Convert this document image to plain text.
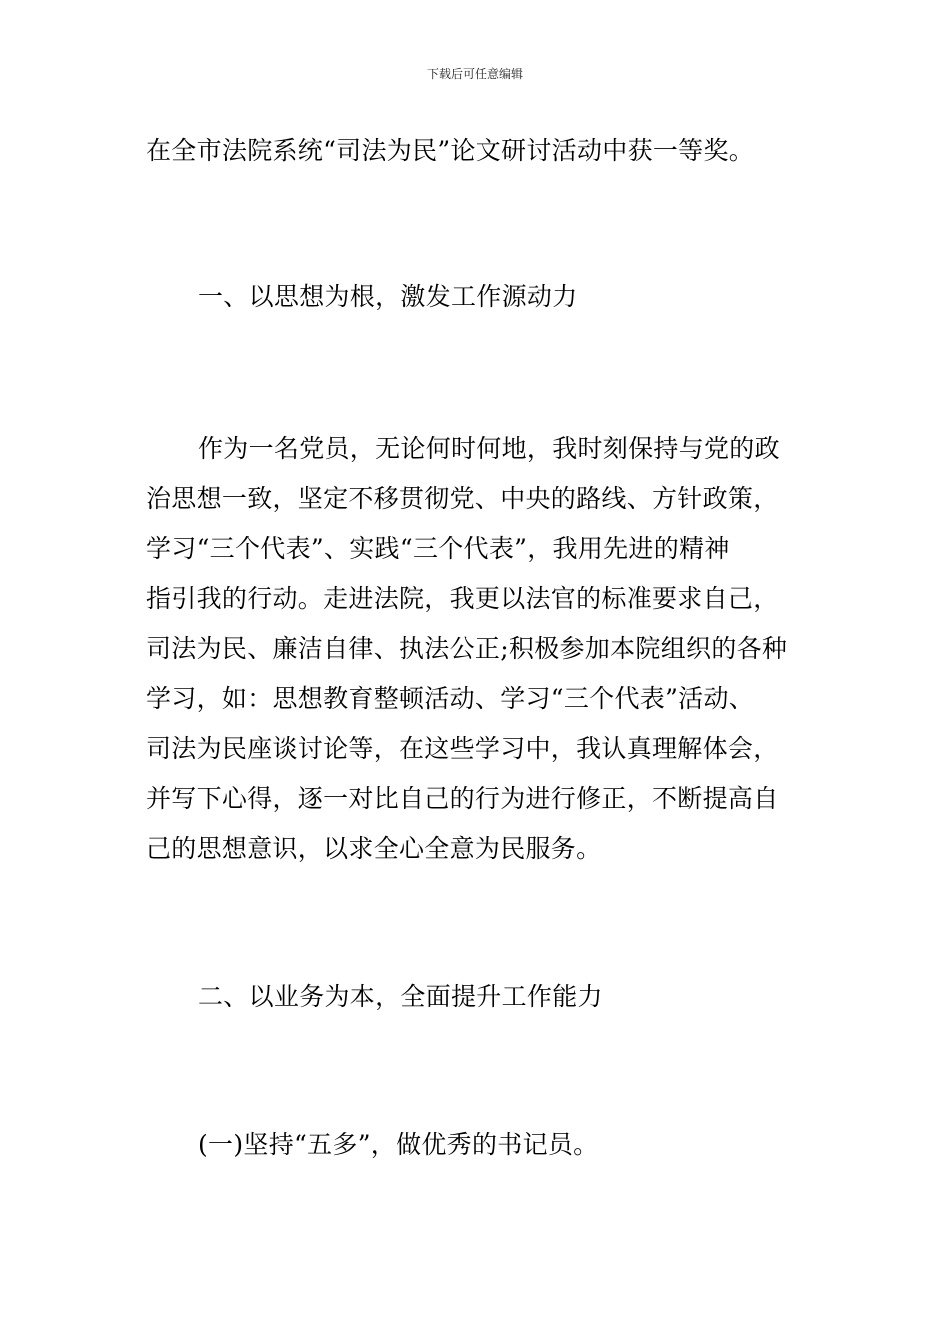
下载后可任意编辑

在全市法院系统“司法为民”论文研讨活动中获一等奖。

一、以思想为根，激发工作源动力

作为一名党员，无论何时何地，我时刻保持与党的政
治思想一致，坚定不移贯彻党、中央的路线、方针政策，
学习“三个代表”、实践“三个代表”，我用先进的精神
指引我的行动。走进法院，我更以法官的标准要求自己，
司法为民、廉洁自律、执法公正;积极参加本院组织的各种
学习，如：思想教育整顿活动、学习“三个代表”活动、
司法为民座谈讨论等，在这些学习中，我认真理解体会，
并写下心得，逐一对比自己的行为进行修正，不断提高自
己的思想意识，以求全心全意为民服务。

二、以业务为本，全面提升工作能力

(一)坚持“五多”，做优秀的书记员。
